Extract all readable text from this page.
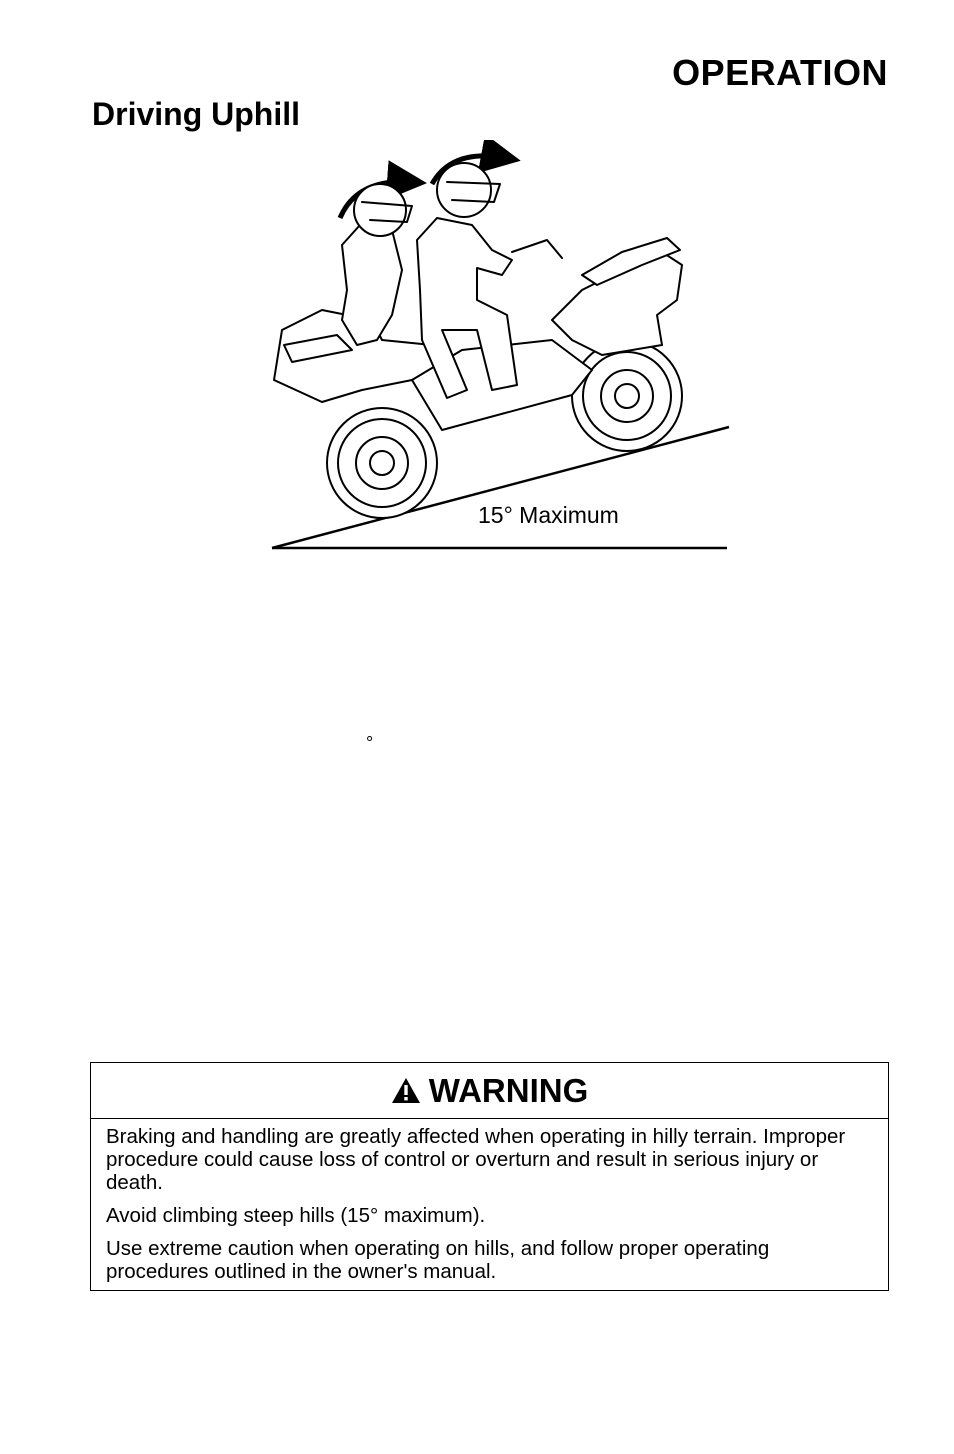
OPERATION
Driving Uphill
15° Maximum
°
WARNING

Braking and handling are greatly affected when operating in hilly terrain. Improper procedure could cause loss of control or overturn and result in serious injury or death.

Avoid climbing steep hills (15° maximum).

Use extreme caution when operating on hills, and follow proper operating procedures outlined in the owner's manual.
